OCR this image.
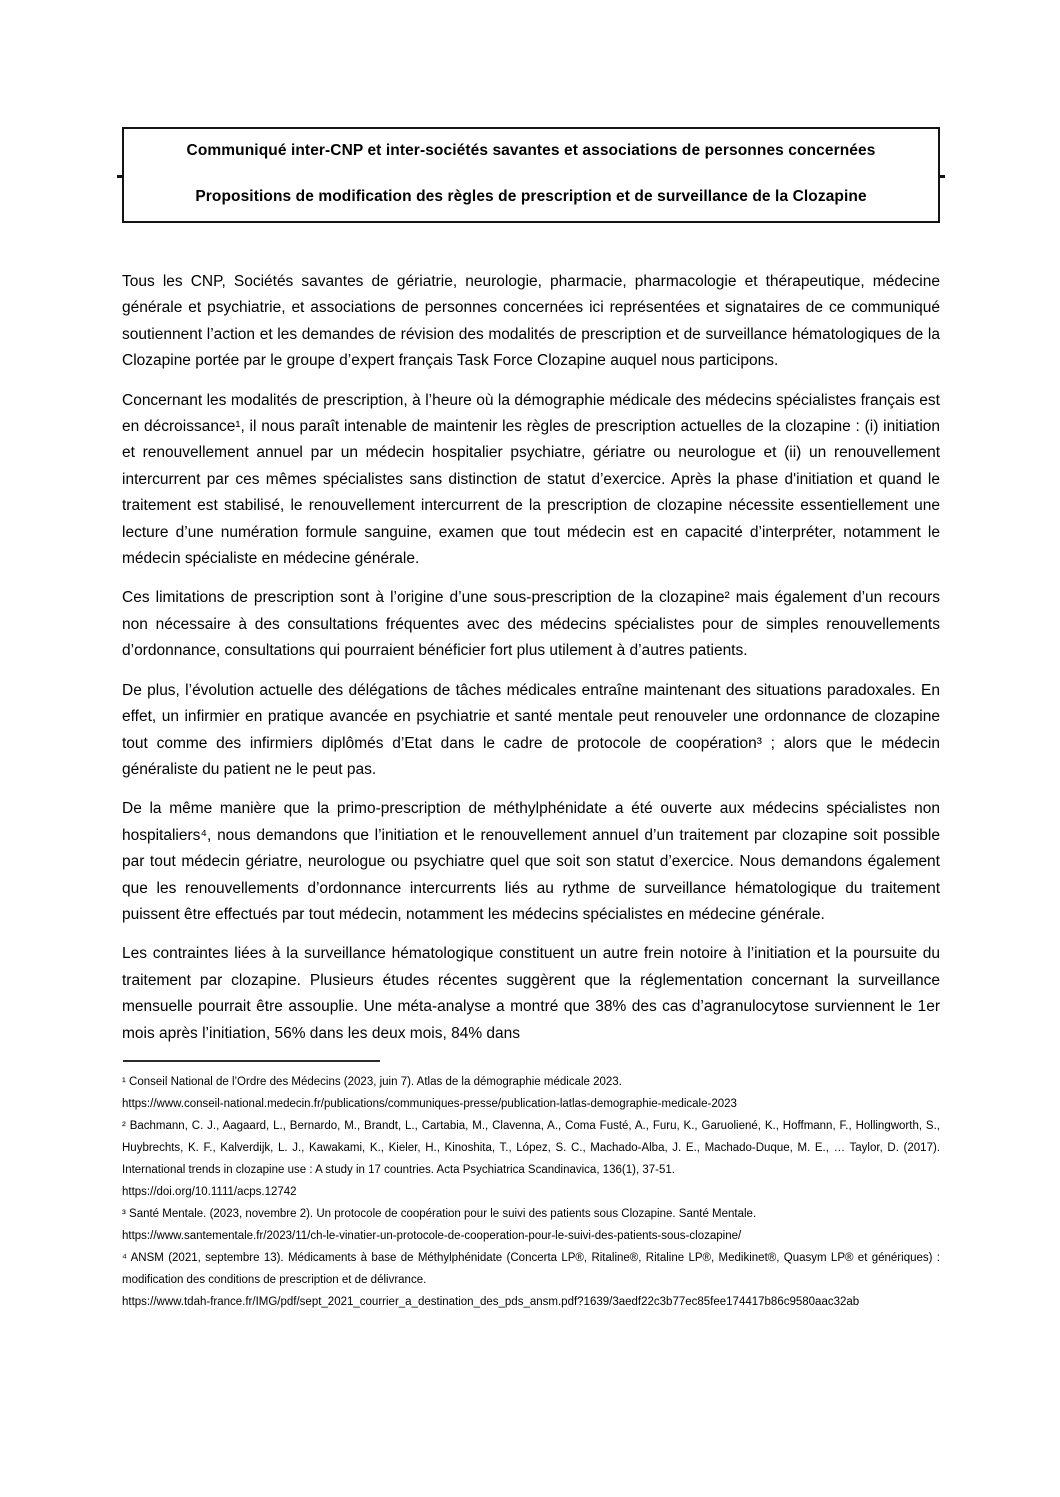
Communiqué inter-CNP et inter-sociétés savantes et associations de personnes concernées

Propositions de modification des règles de prescription et de surveillance de la Clozapine

Tous les CNP, Sociétés savantes de gériatrie, neurologie, pharmacie, pharmacologie et thérapeutique, médecine générale et psychiatrie, et associations de personnes concernées ici représentées et signataires de ce communiqué soutiennent l’action et les demandes de révision des modalités de prescription et de surveillance hématologiques de la Clozapine portée par le groupe d’expert français Task Force Clozapine auquel nous participons.

Concernant les modalités de prescription, à l’heure où la démographie médicale des médecins spécialistes français est en décroissance¹, il nous paraît intenable de maintenir les règles de prescription actuelles de la clozapine : (i) initiation et renouvellement annuel par un médecin hospitalier psychiatre, gériatre ou neurologue et (ii) un renouvellement intercurrent par ces mêmes spécialistes sans distinction de statut d’exercice. Après la phase d'initiation et quand le traitement est stabilisé, le renouvellement intercurrent de la prescription de clozapine nécessite essentiellement une lecture d’une numération formule sanguine, examen que tout médecin est en capacité d’interpréter, notamment le médecin spécialiste en médecine générale.

Ces limitations de prescription sont à l’origine d’une sous-prescription de la clozapine² mais également d’un recours non nécessaire à des consultations fréquentes avec des médecins spécialistes pour de simples renouvellements d’ordonnance, consultations qui pourraient bénéficier fort plus utilement à d’autres patients.

De plus, l’évolution actuelle des délégations de tâches médicales entraîne maintenant des situations paradoxales. En effet, un infirmier en pratique avancée en psychiatrie et santé mentale peut renouveler une ordonnance de clozapine tout comme des infirmiers diplômés d’Etat dans le cadre de protocole de coopération³ ; alors que le médecin généraliste du patient ne le peut pas.

De la même manière que la primo-prescription de méthylphénidate a été ouverte aux médecins spécialistes non hospitaliers⁴, nous demandons que l’initiation et le renouvellement annuel d’un traitement par clozapine soit possible par tout médecin gériatre, neurologue ou psychiatre quel que soit son statut d’exercice. Nous demandons également que les renouvellements d’ordonnance intercurrents liés au rythme de surveillance hématologique du traitement puissent être effectués par tout médecin, notamment les médecins spécialistes en médecine générale.

Les contraintes liées à la surveillance hématologique constituent un autre frein notoire à l’initiation et la poursuite du traitement par clozapine. Plusieurs études récentes suggèrent que la réglementation concernant la surveillance mensuelle pourrait être assouplie. Une méta-analyse a montré que 38% des cas d’agranulocytose surviennent le 1er mois après l’initiation, 56% dans les deux mois, 84% dans

¹ Conseil National de l’Ordre des Médecins (2023, juin 7). Atlas de la démographie médicale 2023.
https://www.conseil-national.medecin.fr/publications/communiques-presse/publication-latlas-demographie-medicale-2023
² Bachmann, C. J., Aagaard, L., Bernardo, M., Brandt, L., Cartabia, M., Clavenna, A., Coma Fusté, A., Furu, K., Garuoliené, K., Hoffmann, F., Hollingworth, S., Huybrechts, K. F., Kalverdijk, L. J., Kawakami, K., Kieler, H., Kinoshita, T., López, S. C., Machado-Alba, J. E., Machado-Duque, M. E., … Taylor, D. (2017). International trends in clozapine use : A study in 17 countries. Acta Psychiatrica Scandinavica, 136(1), 37-51.
https://doi.org/10.1111/acps.12742
³ Santé Mentale. (2023, novembre 2). Un protocole de coopération pour le suivi des patients sous Clozapine. Santé Mentale.
https://www.santementale.fr/2023/11/ch-le-vinatier-un-protocole-de-cooperation-pour-le-suivi-des-patients-sous-clozapine/
⁴ ANSM (2021, septembre 13). Médicaments à base de Méthylphénidate (Concerta LP®, Ritaline®, Ritaline LP®, Medikinet®, Quasym LP® et génériques) : modification des conditions de prescription et de délivrance.
https://www.tdah-france.fr/IMG/pdf/sept_2021_courrier_a_destination_des_pds_ansm.pdf?1639/3aedf22c3b77ec85fee174417b86c9580aac32ab
